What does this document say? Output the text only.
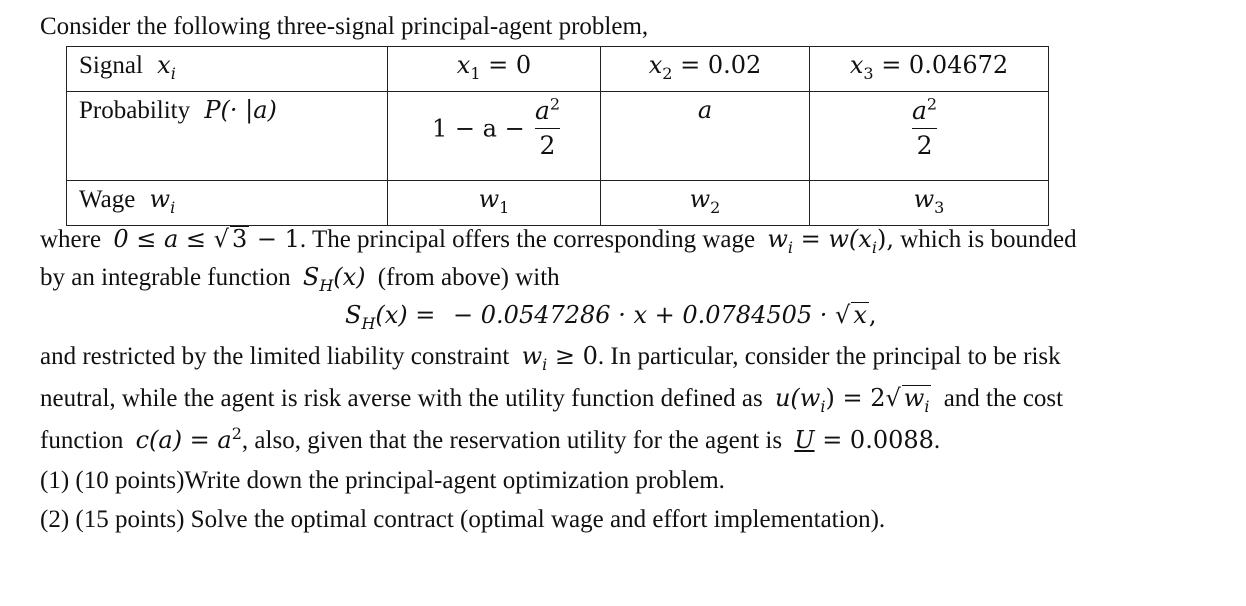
Consider the following three-signal principal-agent problem,
Signal $x_i$	$x_1 = 0$	$x_2 = 0.02$	$x_3 = 0.04672$
Probability P(· |a)	$1 - a - \frac{a^2}{2}$	a	$\frac{a^2}{2}$

Wage $w_i$	$w_1$	$w_2$	$w_3$
where 0 ≤ a ≤ √ 3 − 1. The principal offers the corresponding wage $w_i = w(x_i)$, which is bounded
by an integrable function $S_H(x)$ (from above) with
$S_H(x)$ = − 0.0547286 · x + 0.0784505 · √ x,
and restricted by the limited liability constraint $w_i \ge 0$. In particular, consider the principal to be risk
neutral, while the agent is risk averse with the utility function defined as $u(w_i) = 2√$ $w_i$ and the cost
function $c(a) = a^2$, also, given that the reservation utility for the agent is U = 0.0088.
(1) (10 points)Write down the principal-agent optimization problem.
(2) (15 points) Solve the optimal contract (optimal wage and effort implementation).
